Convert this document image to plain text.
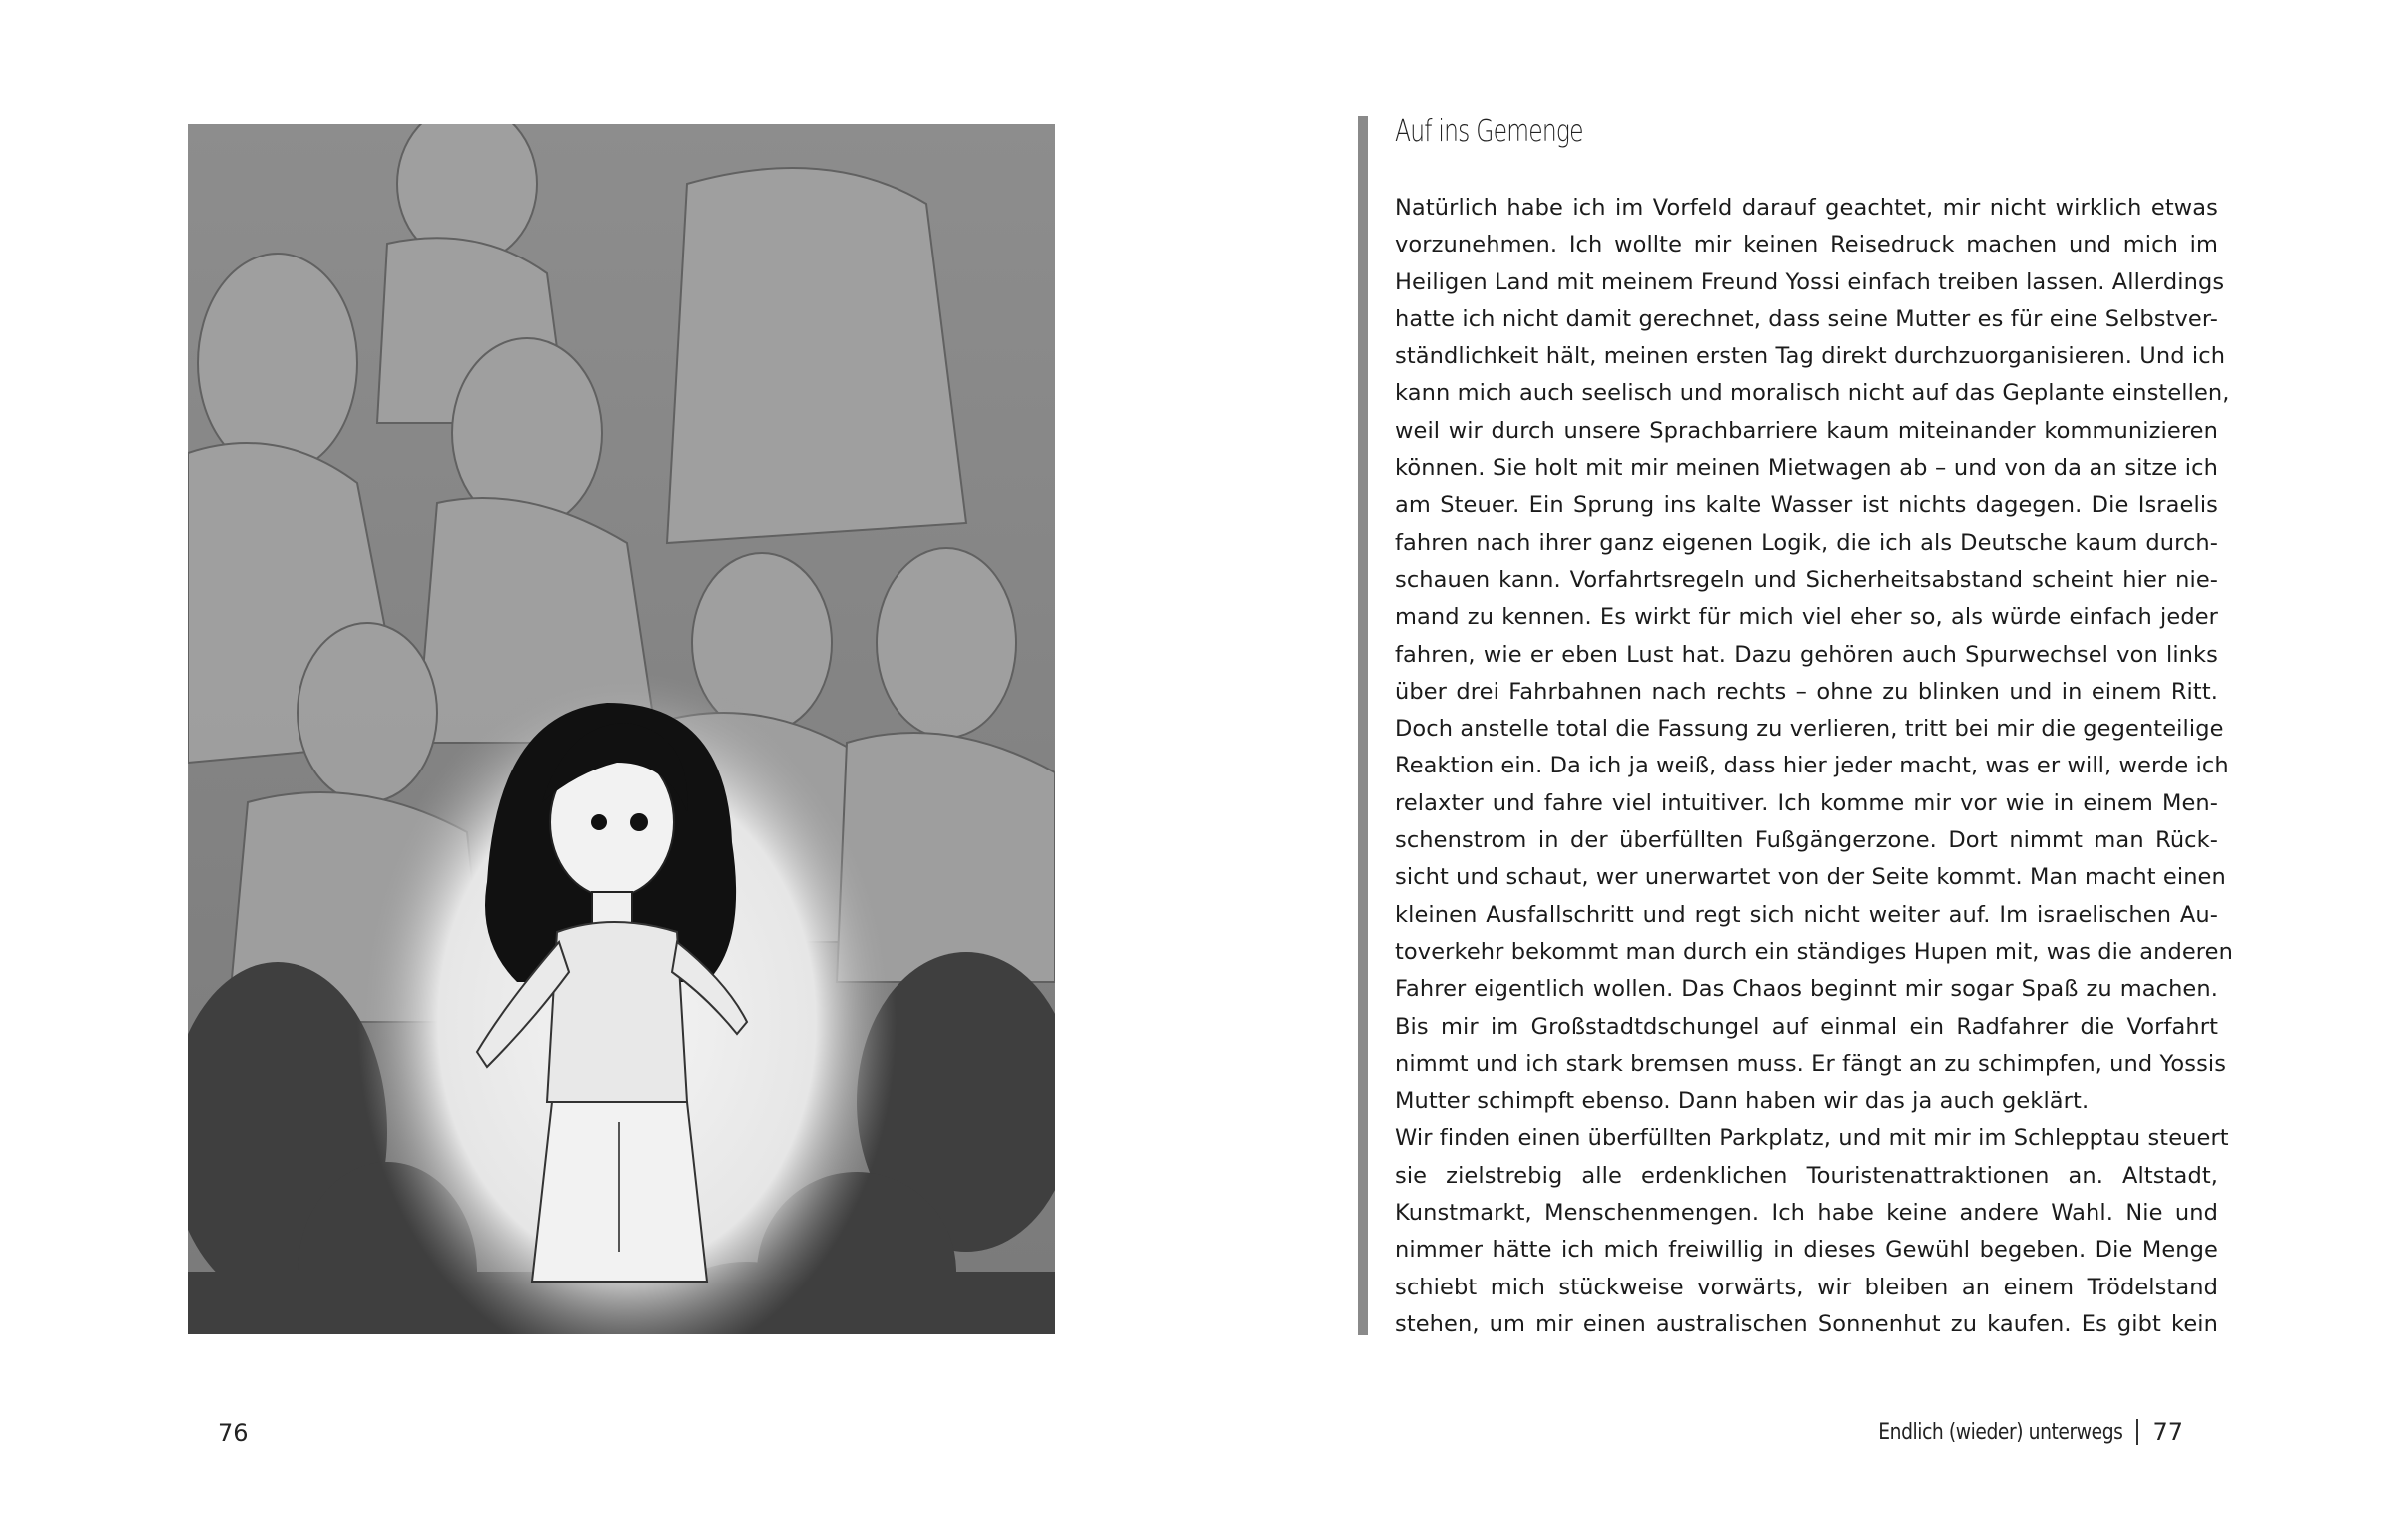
76
Auf ins Gemenge
Natürlich habe ich im Vorfeld darauf geachtet, mir nicht wirklich etwas
vorzunehmen. Ich wollte mir keinen Reisedruck machen und mich im
Heiligen Land mit meinem Freund Yossi einfach treiben lassen. Allerdings
hatte ich nicht damit gerechnet, dass seine Mutter es für eine Selbstver-
ständlichkeit hält, meinen ersten Tag direkt durchzuorganisieren. Und ich
kann mich auch seelisch und moralisch nicht auf das Geplante einstellen,
weil wir durch unsere Sprachbarriere kaum miteinander kommunizieren
können. Sie holt mit mir meinen Mietwagen ab – und von da an sitze ich
am Steuer. Ein Sprung ins kalte Wasser ist nichts dagegen. Die Israelis
fahren nach ihrer ganz eigenen Logik, die ich als Deutsche kaum durch-
schauen kann. Vorfahrtsregeln und Sicherheitsabstand scheint hier nie-
mand zu kennen. Es wirkt für mich viel eher so, als würde einfach jeder
fahren, wie er eben Lust hat. Dazu gehören auch Spurwechsel von links
über drei Fahrbahnen nach rechts – ohne zu blinken und in einem Ritt.
Doch anstelle total die Fassung zu verlieren, tritt bei mir die gegenteilige
Reaktion ein. Da ich ja weiß, dass hier jeder macht, was er will, werde ich
relaxter und fahre viel intuitiver. Ich komme mir vor wie in einem Men-
schenstrom in der überfüllten Fußgängerzone. Dort nimmt man Rück-
sicht und schaut, wer unerwartet von der Seite kommt. Man macht einen
kleinen Ausfallschritt und regt sich nicht weiter auf. Im israelischen Au-
toverkehr bekommt man durch ein ständiges Hupen mit, was die anderen
Fahrer eigentlich wollen. Das Chaos beginnt mir sogar Spaß zu machen.
Bis mir im Großstadtdschungel auf einmal ein Radfahrer die Vorfahrt
nimmt und ich stark bremsen muss. Er fängt an zu schimpfen, und Yossis
Mutter schimpft ebenso. Dann haben wir das ja auch geklärt.
Wir finden einen überfüllten Parkplatz, und mit mir im Schlepptau steuert
sie zielstrebig alle erdenklichen Touristenattraktionen an. Altstadt,
Kunstmarkt, Menschenmengen. Ich habe keine andere Wahl. Nie und
nimmer hätte ich mich freiwillig in dieses Gewühl begeben. Die Menge
schiebt mich stückweise vorwärts, wir bleiben an einem Trödelstand
stehen, um mir einen australischen Sonnenhut zu kaufen. Es gibt kein
Endlich (wieder) unterwegs 77
